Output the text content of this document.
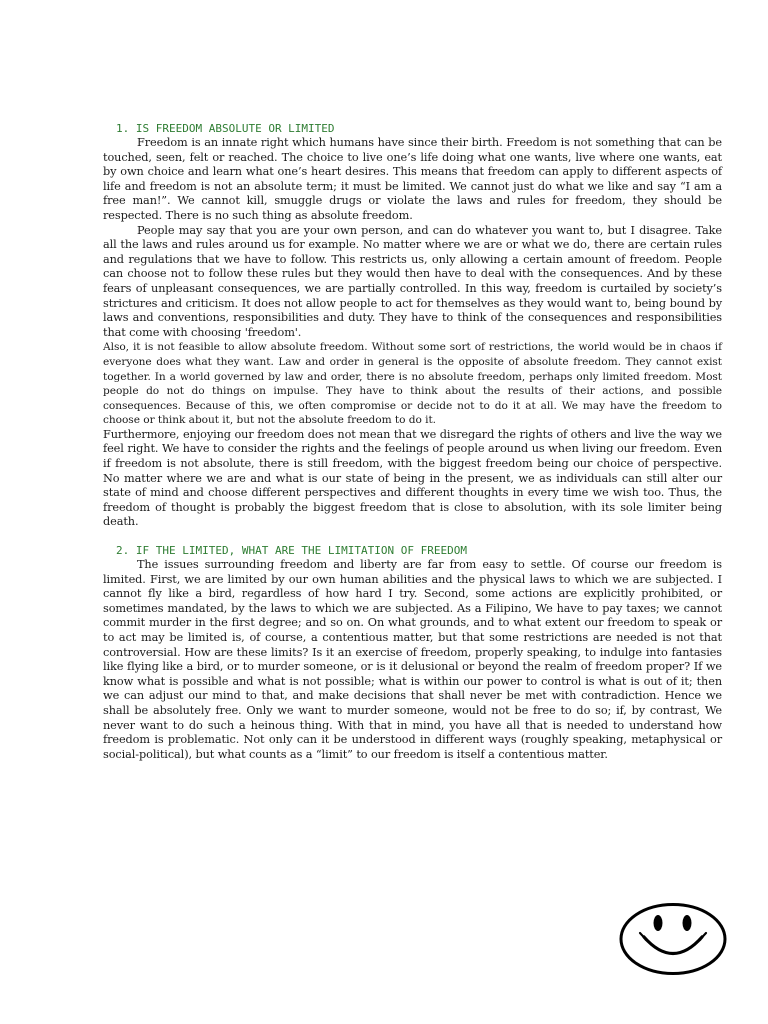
1. IS FREEDOM ABSOLUTE OR LIMITED

Freedom is an innate right which humans have since their birth. Freedom is not something that can be touched, seen, felt or reached. The choice to live one’s life doing what one wants, live where one wants, eat by own choice and learn what one’s heart desires. This means that freedom can apply to different aspects of life and freedom is not an absolute term; it must be limited. We cannot just do what we like and say “I am a free man!”. We cannot kill, smuggle drugs or violate the laws and rules for freedom, they should be respected. There is no such thing as absolute freedom.

People may say that you are your own person, and can do whatever you want to, but I disagree. Take all the laws and rules around us for example. No matter where we are or what we do, there are certain rules and regulations that we have to follow. This restricts us, only allowing a certain amount of freedom. People can choose not to follow these rules but they would then have to deal with the consequences. And by these fears of unpleasant consequences, we are partially controlled. In this way, freedom is curtailed by society’s strictures and criticism. It does not allow people to act for themselves as they would want to, being bound by laws and conventions, responsibilities and duty. They have to think of the consequences and responsibilities that come with choosing 'freedom'.

Also, it is not feasible to allow absolute freedom. Without some sort of restrictions, the world would be in chaos if everyone does what they want. Law and order in general is the opposite of absolute freedom. They cannot exist together. In a world governed by law and order, there is no absolute freedom, perhaps only limited freedom. Most people do not do things on impulse. They have to think about the results of their actions, and possible consequences. Because of this, we often compromise or decide not to do it at all. We may have the freedom to choose or think about it, but not the absolute freedom to do it.

Furthermore, enjoying our freedom does not mean that we disregard the rights of others and live the way we feel right. We have to consider the rights and the feelings of people around us when living our freedom. Even if freedom is not absolute, there is still freedom, with the biggest freedom being our choice of perspective. No matter where we are and what is our state of being in the present, we as individuals can still alter our state of mind and choose different perspectives and different thoughts in every time we wish too. Thus, the freedom of thought is probably the biggest freedom that is close to absolution, with its sole limiter being death.

2. IF THE LIMITED, WHAT ARE THE LIMITATION OF FREEDOM

The issues surrounding freedom and liberty are far from easy to settle. Of course our freedom is limited. First, we are limited by our own human abilities and the physical laws to which we are subjected. I cannot fly like a bird, regardless of how hard I try. Second, some actions are explicitly prohibited, or sometimes mandated, by the laws to which we are subjected. As a Filipino, We have to pay taxes; we cannot commit murder in the first degree; and so on. On what grounds, and to what extent our freedom to speak or to act may be limited is, of course, a contentious matter, but that some restrictions are needed is not that controversial. How are these limits? Is it an exercise of freedom, properly speaking, to indulge into fantasies like flying like a bird, or to murder someone, or is it delusional or beyond the realm of freedom proper? If we know what is possible and what is not possible; what is within our power to control is what is out of it; then we can adjust our mind to that, and make decisions that shall never be met with contradiction. Hence we shall be absolutely free. Only we want to murder someone, would not be free to do so; if, by contrast, We never want to do such a heinous thing. With that in mind, you have all that is needed to understand how freedom is problematic. Not only can it be understood in different ways (roughly speaking, metaphysical or social-political), but what counts as a “limit” to our freedom is itself a contentious matter.
